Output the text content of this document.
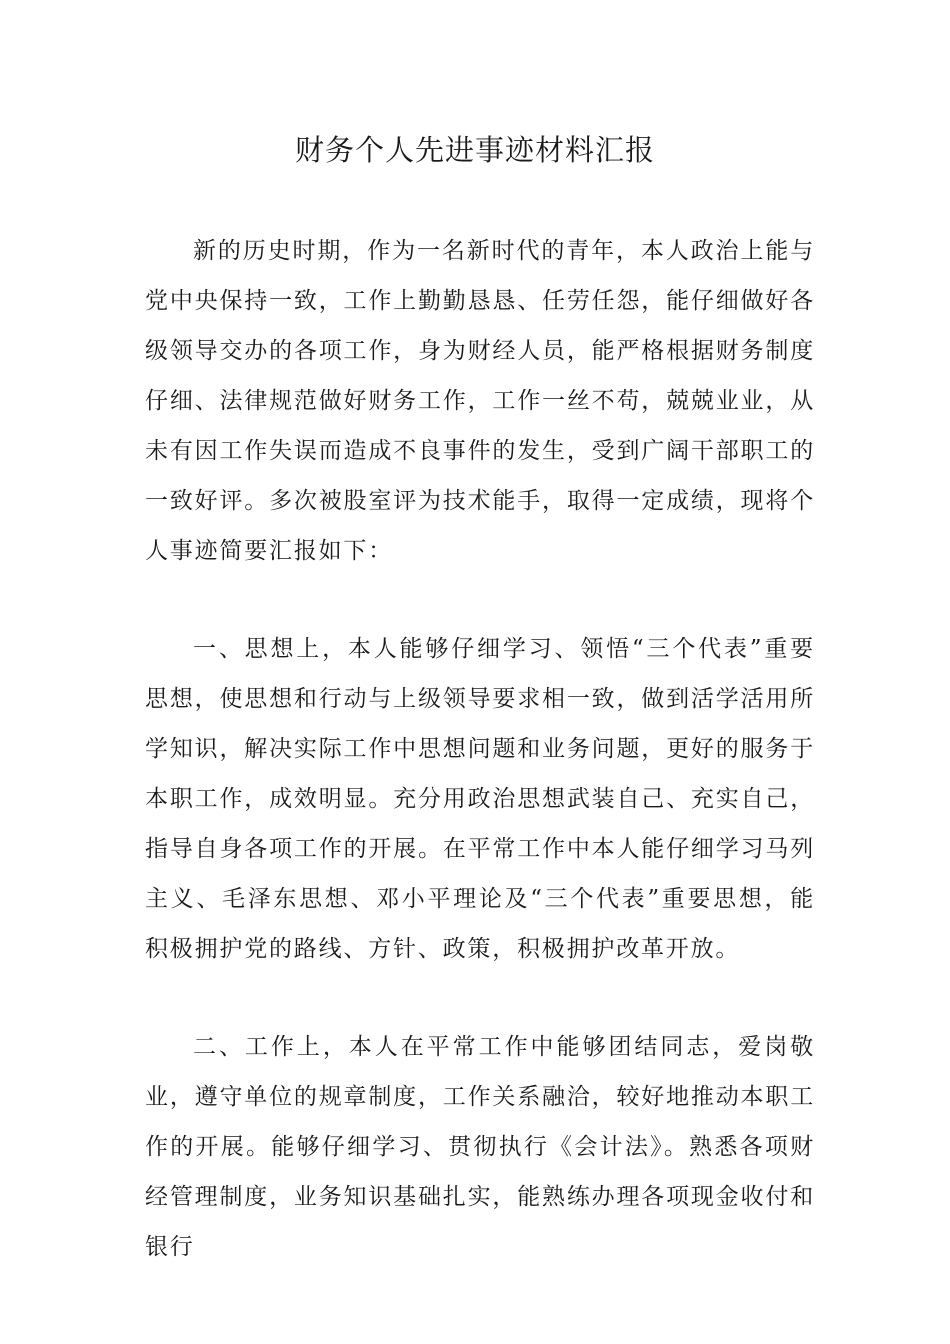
财务个人先进事迹材料汇报

新的历史时期，作为一名新时代的青年，本人政治上能与党中央保持一致，工作上勤勤恳恳、任劳任怨，能仔细做好各级领导交办的各项工作，身为财经人员，能严格根据财务制度仔细、法律规范做好财务工作，工作一丝不苟，兢兢业业，从未有因工作失误而造成不良事件的发生，受到广阔干部职工的一致好评。多次被股室评为技术能手，取得一定成绩，现将个人事迹简要汇报如下：

一、思想上，本人能够仔细学习、领悟“三个代表”重要思想，使思想和行动与上级领导要求相一致，做到活学活用所学知识，解决实际工作中思想问题和业务问题，更好的服务于本职工作，成效明显。充分用政治思想武装自己、充实自己，指导自身各项工作的开展。在平常工作中本人能仔细学习马列主义、毛泽东思想、邓小平理论及“三个代表”重要思想，能积极拥护党的路线、方针、政策，积极拥护改革开放。

二、工作上，本人在平常工作中能够团结同志，爱岗敬业，遵守单位的规章制度，工作关系融洽，较好地推动本职工作的开展。能够仔细学习、贯彻执行《会计法》。熟悉各项财经管理制度，业务知识基础扎实，能熟练办理各项现金收付和银行
